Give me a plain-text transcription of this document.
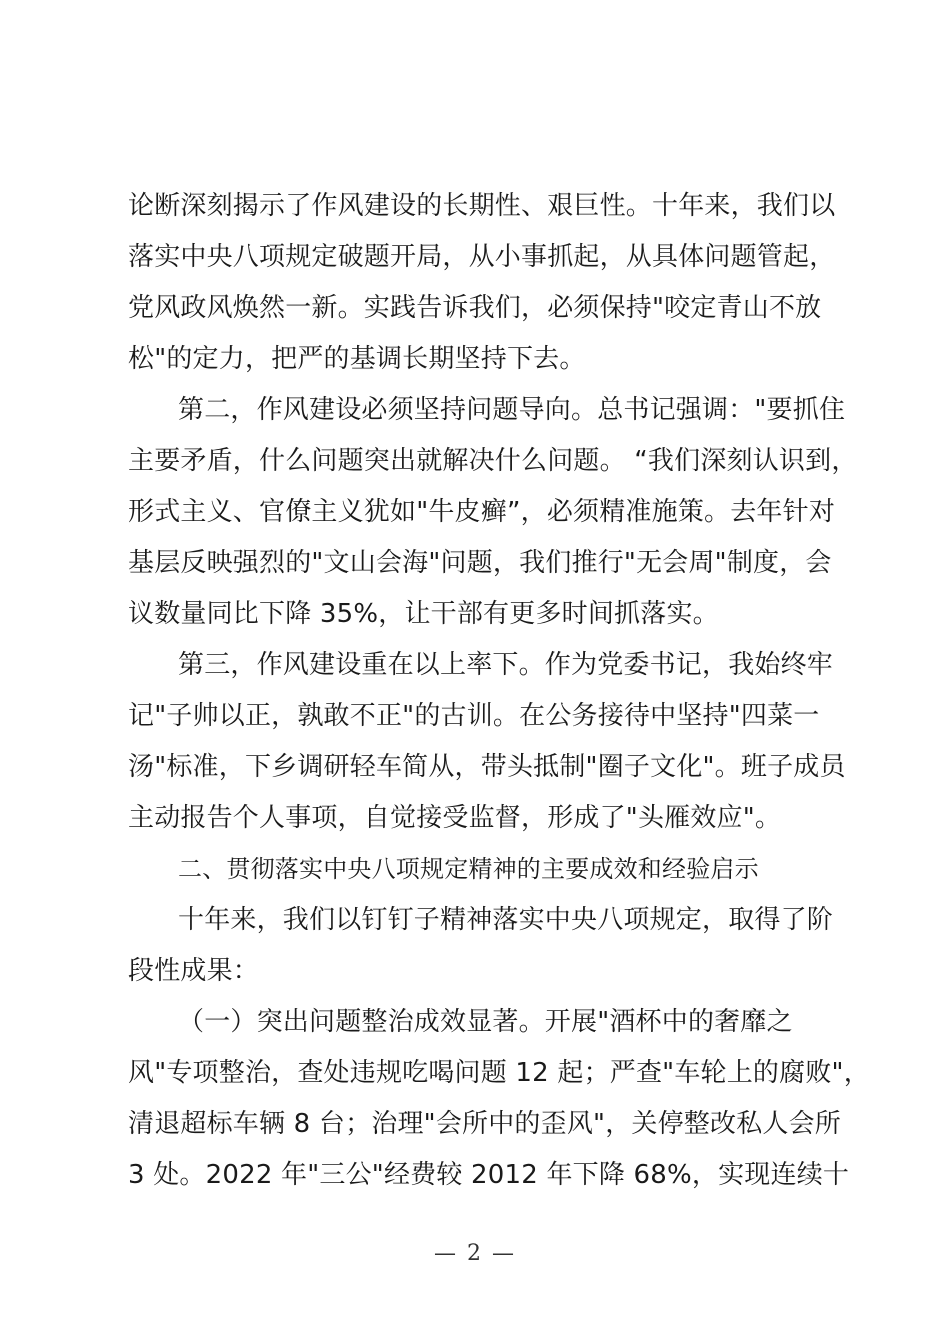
论断深刻揭示了作风建设的长期性、艰巨性。十年来，我们以
落实中央八项规定破题开局，从小事抓起，从具体问题管起，
党风政风焕然一新。实践告诉我们，必须保持"咬定青山不放
松"的定力，把严的基调长期坚持下去。
第二，作风建设必须坚持问题导向。总书记强调："要抓住
主要矛盾，什么问题突出就解决什么问题。 “我们深刻认识到，
形式主义、官僚主义犹如"牛皮癣”，必须精准施策。去年针对
基层反映强烈的"文山会海"问题，我们推行"无会周"制度，会
议数量同比下降 35%，让干部有更多时间抓落实。
第三，作风建设重在以上率下。作为党委书记，我始终牢
记"子帅以正，孰敢不正"的古训。在公务接待中坚持"四菜一
汤"标准，下乡调研轻车简从，带头抵制"圈子文化"。班子成员
主动报告个人事项，自觉接受监督，形成了"头雁效应"。
二、贯彻落实中央八项规定精神的主要成效和经验启示
十年来，我们以钉钉子精神落实中央八项规定，取得了阶
段性成果：
（一）突出问题整治成效显著。开展"酒杯中的奢靡之
风"专项整治，查处违规吃喝问题 12 起；严查"车轮上的腐败"，
清退超标车辆 8 台；治理"会所中的歪风"，关停整改私人会所
3 处。2022 年"三公"经费较 2012 年下降 68%，实现连续十
— 2 —
